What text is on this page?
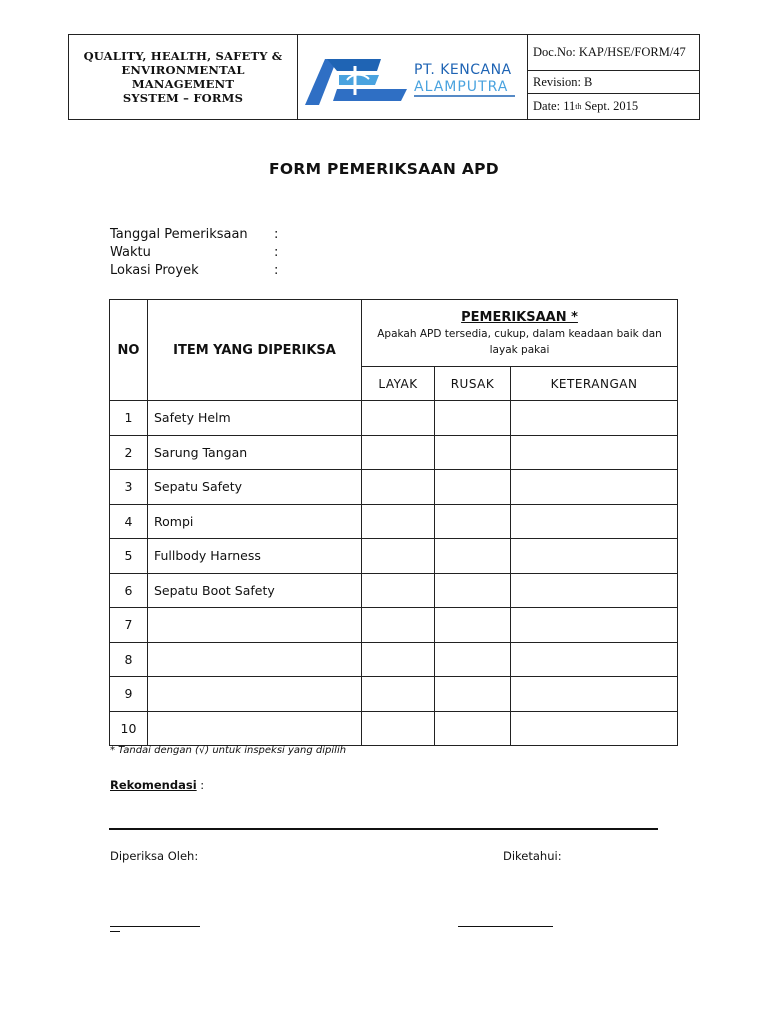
QUALITY, HEALTH, SAFETY &
ENVIRONMENTAL MANAGEMENT
SYSTEM – FORMS
PT. KENCANA
ALAMPUTRA
Doc.No: KAP/HSE/FORM/47
Revision: B
Date: 11 th Sept. 2015
FORM PEMERIKSAAN APD
Tanggal Pemeriksaan :
Waktu	:
Lokasi Proyek	:
NO	ITEM YANG DIPERIKSA	PEMERIKSAAN *
Apakah APD tersedia, cukup, dalam keadaan baik dan layak pakai		

		LAYAK	RUSAK	KETERANGAN
1	Safety Helm			
2	Sarung Tangan			
3	Sepatu Safety			
4	Rompi			
5	Fullbody Harness			
6	Sepatu Boot Safety			
7				
8				
9				
10				
* Tandai dengan (√) untuk inspeksi yang dipilih
Rekomendasi :
Diperiksa Oleh:	Diketahui:
